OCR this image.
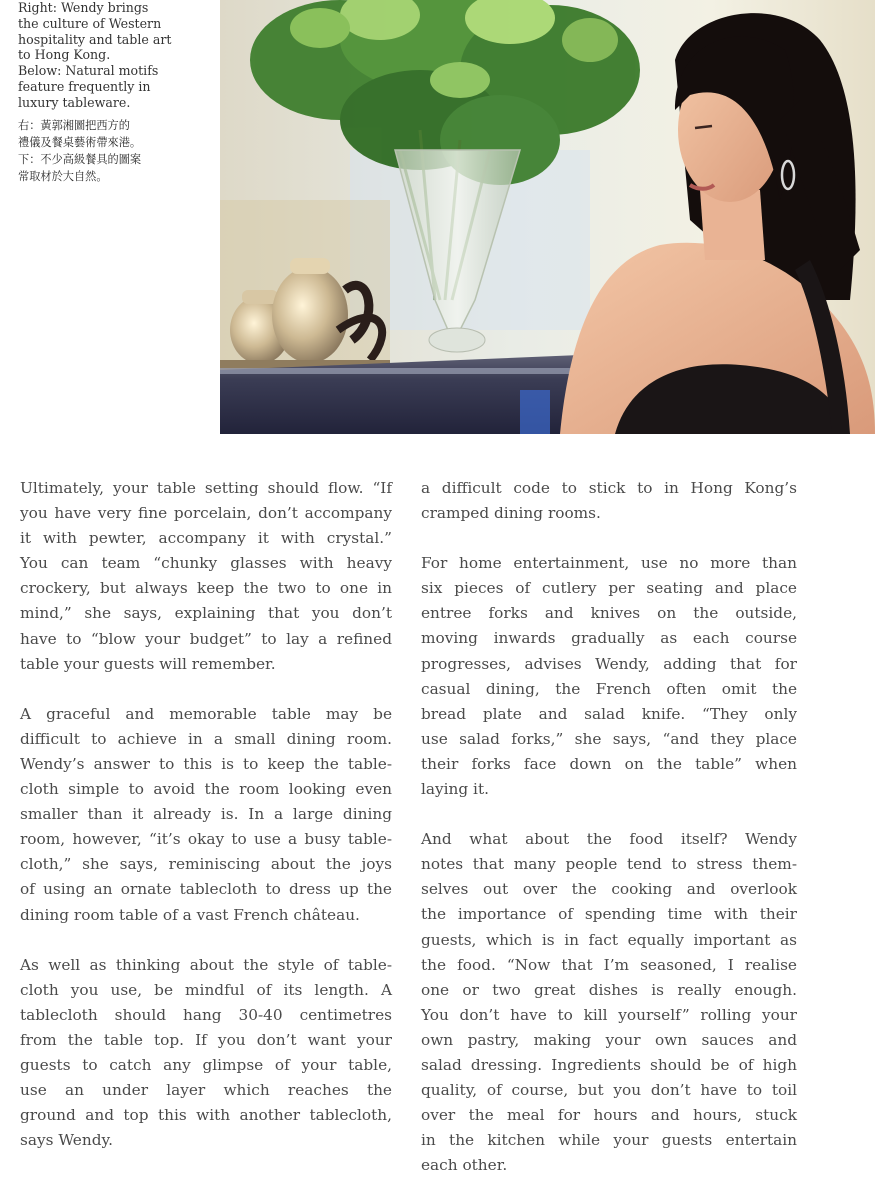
Right: Wendy brings
the culture of Western
hospitality and table art
to Hong Kong.
Below: Natural motifs
feature frequently in
luxury tableware.
右：黃郭湘圖把西方的
禮儀及餐桌藝術帶來港。
下：不少高級餐具的圖案
常取材於大自然。

Ultimately, your table setting should flow. “If
you have very fine porcelain, don’t accompany
it with pewter, accompany it with crystal.”
You can team “chunky glasses with heavy
crockery, but always keep the two to one in
mind,” she says, explaining that you don’t
have to “blow your budget” to lay a refined
table your guests will remember.

A graceful and memorable table may be
difficult to achieve in a small dining room.
Wendy’s answer to this is to keep the table-
cloth simple to avoid the room looking even
smaller than it already is. In a large dining
room, however, “it’s okay to use a busy table-
cloth,” she says, reminiscing about the joys
of using an ornate tablecloth to dress up the
dining room table of a vast French château.

As well as thinking about the style of table-
cloth you use, be mindful of its length. A
tablecloth should hang 30-40 centimetres
from the table top. If you don’t want your
guests to catch any glimpse of your table,
use an under layer which reaches the
ground and top this with another tablecloth,
says Wendy.

a difficult code to stick to in Hong Kong’s
cramped dining rooms.

For home entertainment, use no more than
six pieces of cutlery per seating and place
entree forks and knives on the outside,
moving inwards gradually as each course
progresses, advises Wendy, adding that for
casual dining, the French often omit the
bread plate and salad knife. “They only
use salad forks,” she says, “and they place
their forks face down on the table” when
laying it.

And what about the food itself? Wendy
notes that many people tend to stress them-
selves out over the cooking and overlook
the importance of spending time with their
guests, which is in fact equally important as
the food. “Now that I’m seasoned, I realise
one or two great dishes is really enough.
You don’t have to kill yourself” rolling your
own pastry, making your own sauces and
salad dressing. Ingredients should be of high
quality, of course, but you don’t have to toil
over the meal for hours and hours, stuck
in the kitchen while your guests entertain
each other.
